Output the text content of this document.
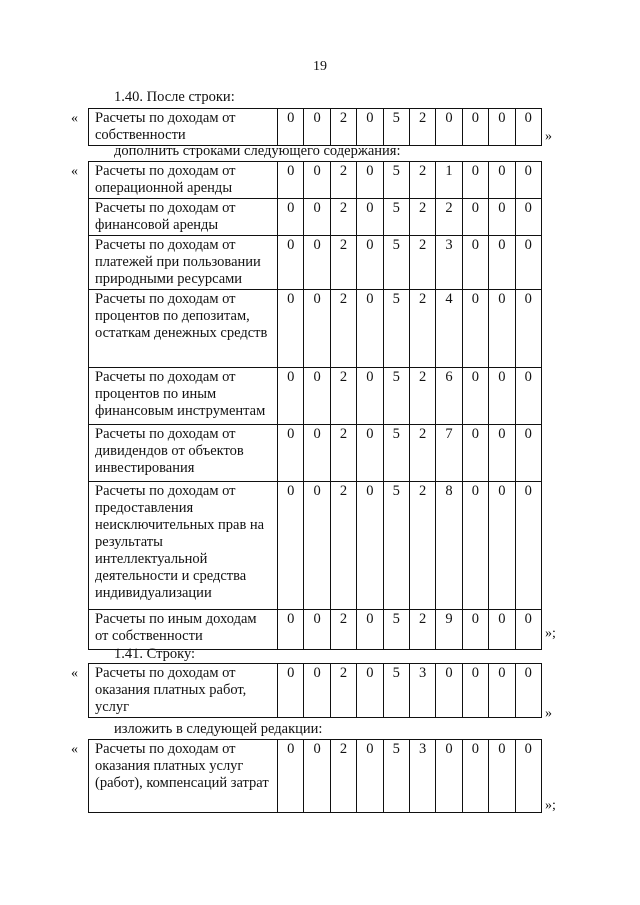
19
1.40. После строки:
« Расчеты по доходам от собственности	0	0	2	0	5	2	0	0	0	0
»
дополнить строками следующего содержания:
« Расчеты по доходам от операционной аренды	0	0	2	0	5	2	1	0	0	0
Расчеты по доходам от финансовой аренды	0	0	2	0	5	2	2	0	0	0
Расчеты по доходам от платежей при пользовании природными ресурсами	0	0	2	0	5	2	3	0	0	0
Расчеты по доходам от процентов по депозитам, остаткам денежных средств	0	0	2	0	5	2	4	0	0	0
Расчеты по доходам от процентов по иным финансовым инструментам	0	0	2	0	5	2	6	0	0	0
Расчеты по доходам от дивидендов от объектов инвестирования	0	0	2	0	5	2	7	0	0	0
Расчеты по доходам от предоставления неисключительных прав на результаты интеллектуальной деятельности и средства индивидуализации	0	0	2	0	5	2	8	0	0	0
Расчеты по иным доходам от собственности	0	0	2	0	5	2	9	0	0	0
»;
1.41. Строку:
« Расчеты по доходам от оказания платных работ, услуг	0	0	2	0	5	3	0	0	0	0
»
изложить в следующей редакции:
« Расчеты по доходам от оказания платных услуг (работ), компенсаций затрат	0	0	2	0	5	3	0	0	0	0
»;
